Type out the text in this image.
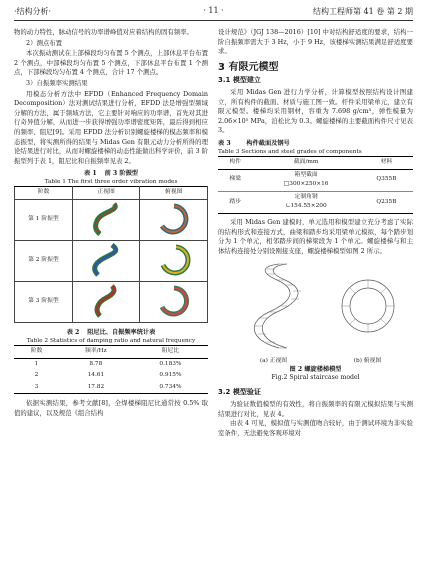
·结构分析·	· 11 ·	结构工程师第 41 卷 第 2 期

物的动力特性，脉动信号的功率谱峰值对应着结构的固有频率。

2）测点布置

本次振动测试在上部梯段均匀布置 5 个测点，上部休息平台布置 2 个测点，中部梯段均匀布置 5 个测点，下部休息平台布置 1 个测点，下部梯段均匀布置 4 个测点，合计 17 个测点。

3）自振频率实测结果

用模态分析方法中 EFDD（Enhanced Frequency Domain Decomposition）法对测试结果进行分析，EFDD 法是增强型频域分解的方法，属于频域方法，它主要针对响应的功率谱，首先对其进行奇异值分解，从而进一步获得增强功率谱密度矩阵，最后得到相应的频率、阻尼[9]。采用 EFDD 法分析识别螺旋楼梯的模态频率和模态振型，将实测所得的结果与 Midas Gen 有限元动力分析所得的理论结果进行对比，从而对螺旋楼梯的动态性能做出科学评价，前 3 阶振型列于表 1，阻尼比和自振频率见表 2。

表 1 前 3 阶振型
Table 1 The first three order vibration modes
阶数	正视图	俯视图
第 1 阶振型	

第 2 阶振型	

第 3 阶振型	

表 2 阻尼比、自振频率统计表
Table 2 Statistics of damping ratio and natural frequency
阶数	频率/Hz	阻尼比
1	8.78	0.183%
2	14.61	0.915%
3	17.82	0.734%

依据实测结果，参考文献[8]，全焊楼梯阻尼比通常按 0.5% 取值的建议，以及规范《组合结构

设计规范》（JGJ 138—2016）[10] 中对结构舒适度的要求，结构一阶自振频率需大于 3 Hz，小于 9 Hz，该楼梯实测结果满足舒适度要求。

3 有限元模型
3.1 模型建立

采用 Midas Gen 进行力学分析，计算模型按照结构设计图建立，所有构件的截面、材质与施工图一致。杆件采用梁单元，建立有限元模型。楼梯均采用钢材，容重为 7.698 g/cm³，弹性模量为 2.06×10⁵ MPa，泊松比为 0.3。螺旋楼梯的主要截面构件尺寸见表 3。

表 3	构件截面及钢号
Table 3 Sections and steel grades of components
构件	截面/mm	材料
梯梁	箱型截面
□300×250×16	Q355B
踏步	定制角钢
∟154.55×200	Q235B

采用 Midas Gen 建模时，单元选用和模型建立充分考虑了实际的结构形式和连接方式，曲梁和踏步均采用梁单元模拟，每个踏步划分为 1 个单元，相邻踏步间的梯梁段为 1 个单元。螺旋楼梯与和主体结构连接处分别设刚接支座，螺旋楼梯模型如图 2 所示。

(a) 正视图	(b) 俯视图
图 2 螺旋楼梯模型
Fig.2 Spiral staircase model
3.2 模型验证

为验证数值模型的有效性，将自振频率的有限元模拟结果与实测结果进行对比，见表 4。

由表 4 可见，模拟值与实测值吻合较好，由于测试环境为非实验室条件，无法避免客观环境对
